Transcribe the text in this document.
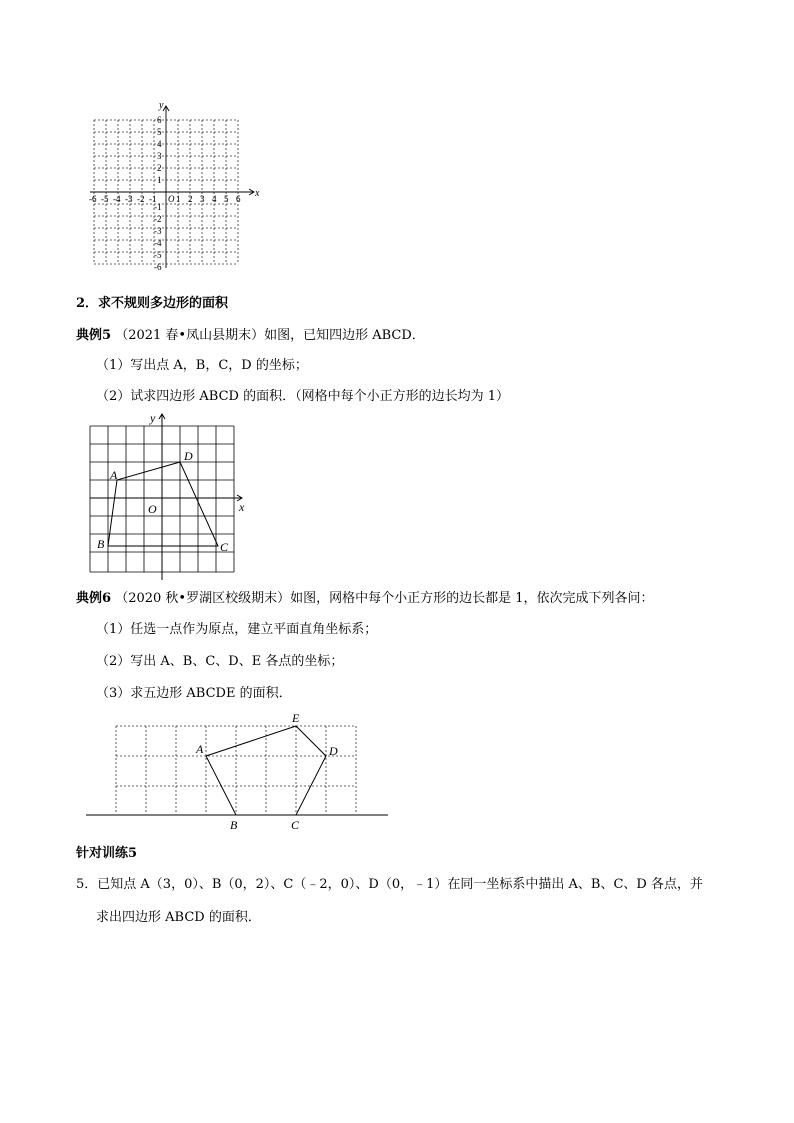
y
x
-6 -5 -4 -3 -2 -1 O 1 2 3 4 5 6
6
5
4
3
2
1
-1
-2
-3
-4
-5
-6
2．求不规则多边形的面积
典例5 （2021 春•凤山县期末）如图，已知四边形 ABCD．
（1）写出点 A，B，C，D 的坐标；
（2）试求四边形 ABCD 的面积．（网格中每个小正方形的边长均为 1）
y
x
O
A
B	C
D
典例6 （2020 秋•罗湖区校级期末）如图，网格中每个小正方形的边长都是 1，依次完成下列各问：
（1）任选一点作为原点，建立平面直角坐标系；
（2）写出 A、B、C、D、E 各点的坐标；
（3）求五边形 ABCDE 的面积．
A
B	C
D
E
针对训练5
5．已知点 A（3，0）、B（0，2）、C（﹣2，0）、D（0，﹣1）在同一坐标系中描出 A、B、C、D 各点，并
求出四边形 ABCD 的面积．
